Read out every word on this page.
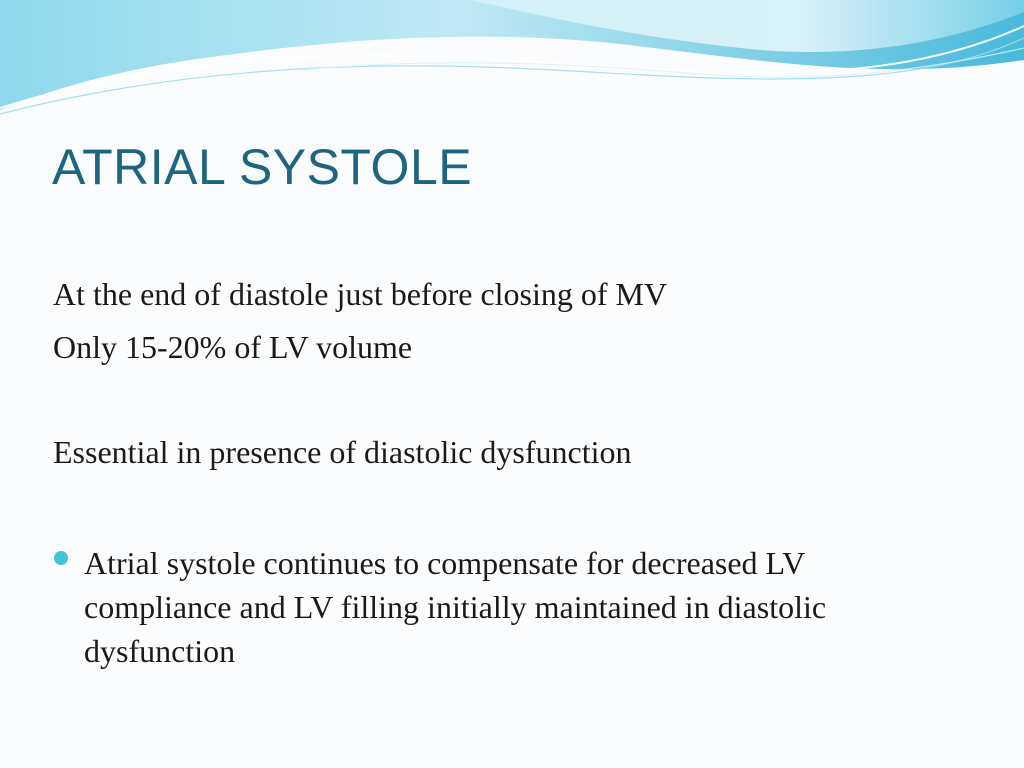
ATRIAL SYSTOLE

At the end of diastole just before closing of MV

Only 15-20% of LV volume

Essential in presence of diastolic dysfunction

Atrial systole continues to compensate for decreased LV compliance and LV filling initially maintained in diastolic dysfunction
